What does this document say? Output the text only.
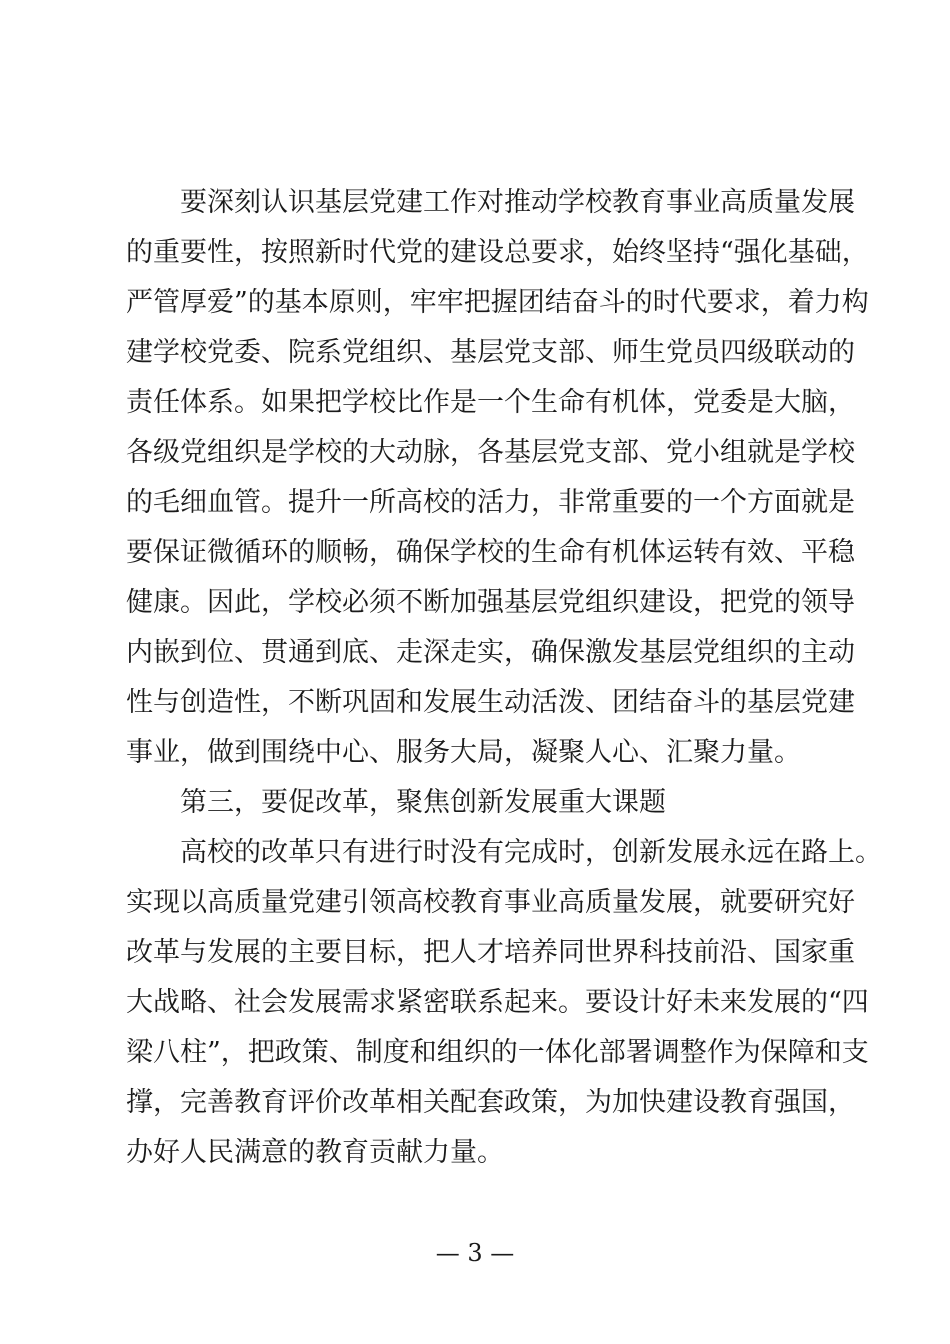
要深刻认识基层党建工作对推动学校教育事业高质量发展
的重要性，按照新时代党的建设总要求，始终坚持“强化基础，
严管厚爱”的基本原则，牢牢把握团结奋斗的时代要求，着力构
建学校党委、院系党组织、基层党支部、师生党员四级联动的
责任体系。如果把学校比作是一个生命有机体，党委是大脑，
各级党组织是学校的大动脉，各基层党支部、党小组就是学校
的毛细血管。提升一所高校的活力，非常重要的一个方面就是
要保证微循环的顺畅，确保学校的生命有机体运转有效、平稳
健康。因此，学校必须不断加强基层党组织建设，把党的领导
内嵌到位、贯通到底、走深走实，确保激发基层党组织的主动
性与创造性，不断巩固和发展生动活泼、团结奋斗的基层党建
事业，做到围绕中心、服务大局，凝聚人心、汇聚力量。
第三，要促改革，聚焦创新发展重大课题
高校的改革只有进行时没有完成时，创新发展永远在路上。
实现以高质量党建引领高校教育事业高质量发展，就要研究好
改革与发展的主要目标，把人才培养同世界科技前沿、国家重
大战略、社会发展需求紧密联系起来。要设计好未来发展的“四
梁八柱”，把政策、制度和组织的一体化部署调整作为保障和支
撑，完善教育评价改革相关配套政策，为加快建设教育强国，
办好人民满意的教育贡献力量。
— 3 —
